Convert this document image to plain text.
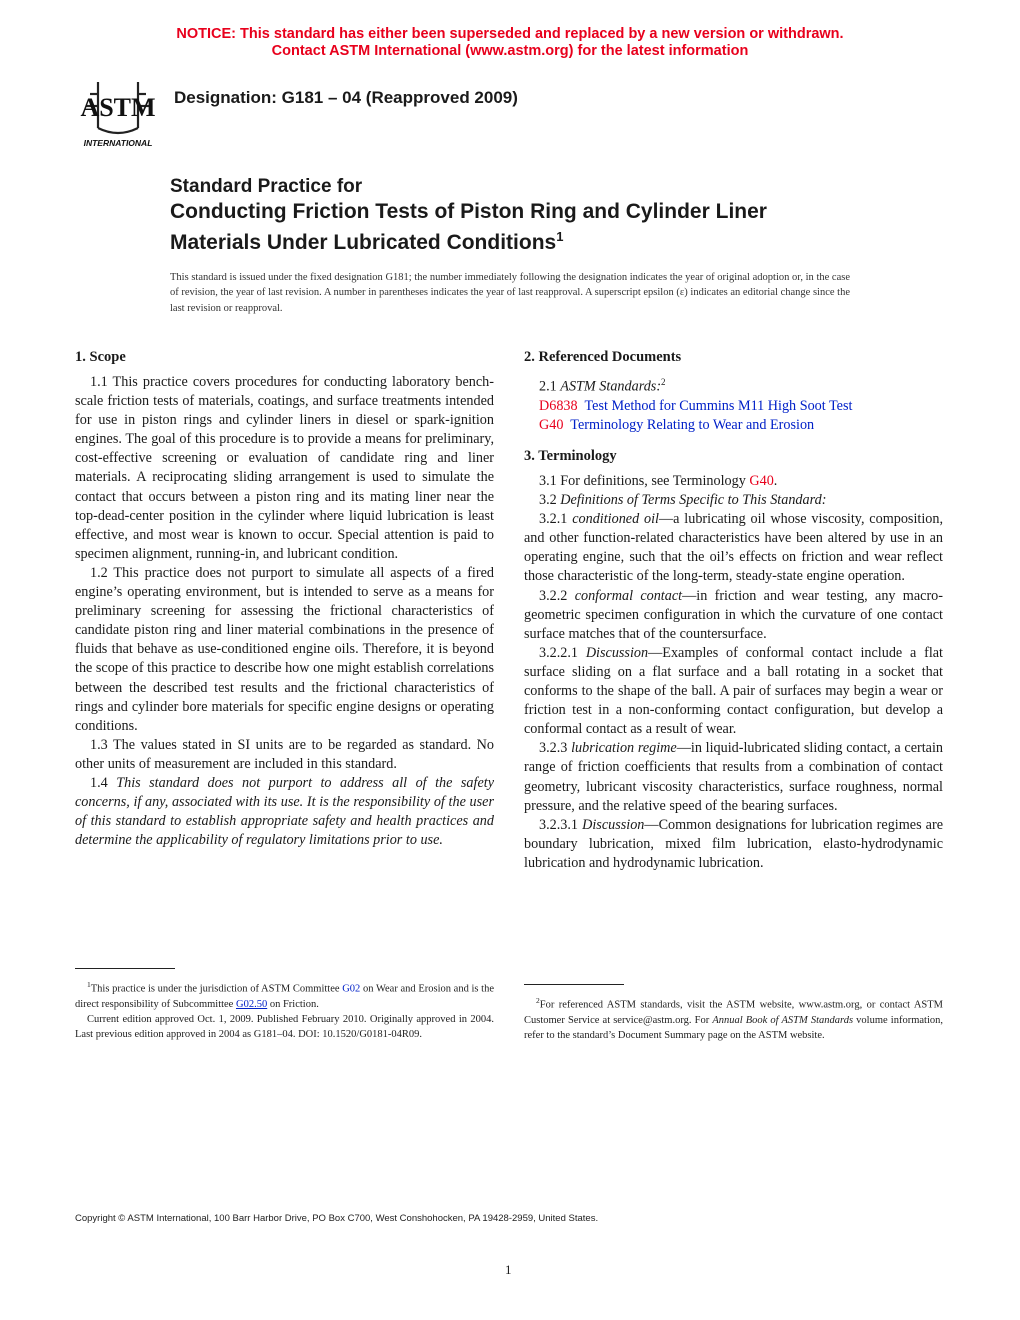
NOTICE: This standard has either been superseded and replaced by a new version or withdrawn.
Contact ASTM International (www.astm.org) for the latest information
ASTM
INTERNATIONAL
Designation: G181 – 04 (Reapproved 2009)
Standard Practice for
Conducting Friction Tests of Piston Ring and Cylinder Liner
Materials Under Lubricated Conditions$^1$
This standard is issued under the fixed designation G181; the number immediately following the designation indicates the year of original adoption or, in the case of revision, the year of last revision. A number in parentheses indicates the year of last reapproval. A superscript epsilon (ε) indicates an editorial change since the last revision or reapproval.
1. Scope

1.1 This practice covers procedures for conducting laboratory bench-scale friction tests of materials, coatings, and surface treatments intended for use in piston rings and cylinder liners in diesel or spark-ignition engines. The goal of this procedure is to provide a means for preliminary, cost-effective screening or evaluation of candidate ring and liner materials. A reciprocating sliding arrangement is used to simulate the contact that occurs between a piston ring and its mating liner near the top-dead-center position in the cylinder where liquid lubrication is least effective, and most wear is known to occur. Special attention is paid to specimen alignment, running-in, and lubricant condition.

1.2 This practice does not purport to simulate all aspects of a fired engine’s operating environment, but is intended to serve as a means for preliminary screening for assessing the frictional characteristics of candidate piston ring and liner material combinations in the presence of fluids that behave as use-conditioned engine oils. Therefore, it is beyond the scope of this practice to describe how one might establish correlations between the described test results and the frictional characteristics of rings and cylinder bore materials for specific engine designs or operating conditions.

1.3 The values stated in SI units are to be regarded as standard. No other units of measurement are included in this standard.

1.4 This standard does not purport to address all of the safety concerns, if any, associated with its use. It is the responsibility of the user of this standard to establish appropriate safety and health practices and determine the applicability of regulatory limitations prior to use.

2. Referenced Documents

2.1 ASTM Standards:$^2$

D6838 Test Method for Cummins M11 High Soot Test

G40 Terminology Relating to Wear and Erosion

3. Terminology

3.1 For definitions, see Terminology G40.

3.2 Definitions of Terms Specific to This Standard:

3.2.1 conditioned oil—a lubricating oil whose viscosity, composition, and other function-related characteristics have been altered by use in an operating engine, such that the oil’s effects on friction and wear reflect those characteristic of the long-term, steady-state engine operation.

3.2.2 conformal contact—in friction and wear testing, any macro-geometric specimen configuration in which the curvature of one contact surface matches that of the countersurface.

3.2.2.1 Discussion—Examples of conformal contact include a flat surface sliding on a flat surface and a ball rotating in a socket that conforms to the shape of the ball. A pair of surfaces may begin a wear or friction test in a non-conforming contact configuration, but develop a conformal contact as a result of wear.

3.2.3 lubrication regime—in liquid-lubricated sliding contact, a certain range of friction coefficients that results from a combination of contact geometry, lubricant viscosity characteristics, surface roughness, normal pressure, and the relative speed of the bearing surfaces.

3.2.3.1 Discussion—Common designations for lubrication regimes are boundary lubrication, mixed film lubrication, elasto-hydrodynamic lubrication and hydrodynamic lubrication.

$^1$This practice is under the jurisdiction of ASTM Committee G02 on Wear and Erosion and is the direct responsibility of Subcommittee G02.50 on Friction.

Current edition approved Oct. 1, 2009. Published February 2010. Originally approved in 2004. Last previous edition approved in 2004 as G181–04. DOI: 10.1520/G0181-04R09.

$^2$For referenced ASTM standards, visit the ASTM website, www.astm.org, or contact ASTM Customer Service at service@astm.org. For Annual Book of ASTM Standards volume information, refer to the standard’s Document Summary page on the ASTM website.

Copyright © ASTM International, 100 Barr Harbor Drive, PO Box C700, West Conshohocken, PA 19428-2959, United States.
1
